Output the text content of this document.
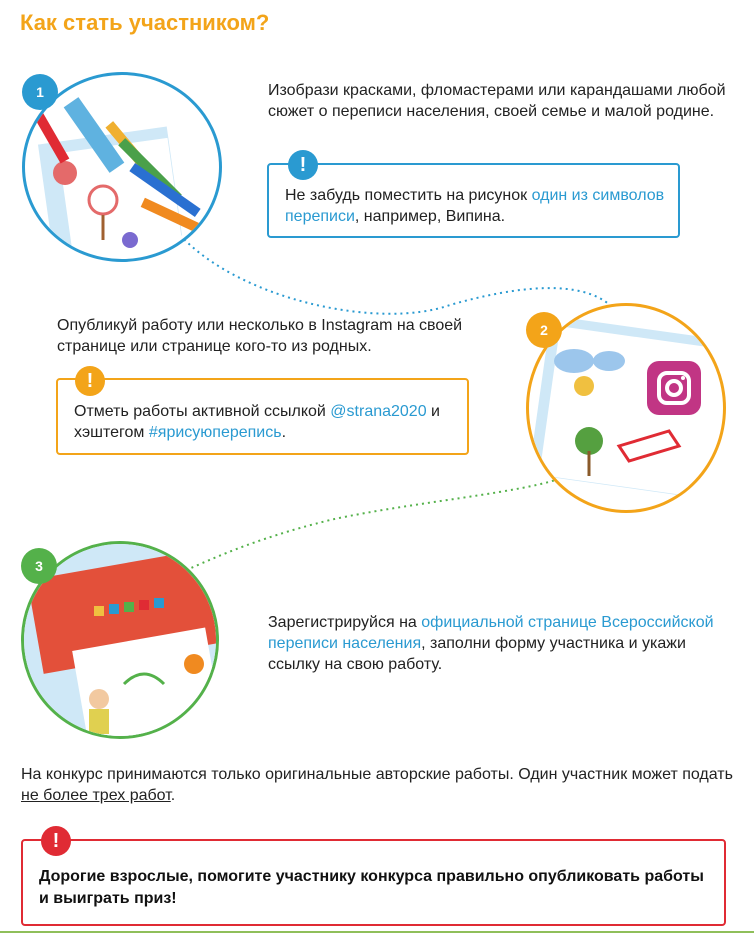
Как стать участником?
1	Изобрази красками, фломастерами или карандашами любой сюжет о переписи населения, своей семье и малой родине.
!
Не забудь поместить на рисунок один из символов переписи, например, Випина.
Опубликуй работу или несколько в Instagram на своей странице или странице кого-то из родных.
!
Отметь работы активной ссылкой @strana2020 и хэштегом #ярисуюперепись.
2
3
Зарегистрируйся на официальной странице Всероссийской переписи населения, заполни форму участника и укажи ссылку на свою работу.
На конкурс принимаются только оригинальные авторские работы. Один участник может подать не более трех работ.
!
Дорогие взрослые, помогите участнику конкурса правильно опубликовать работы и выиграть приз!
